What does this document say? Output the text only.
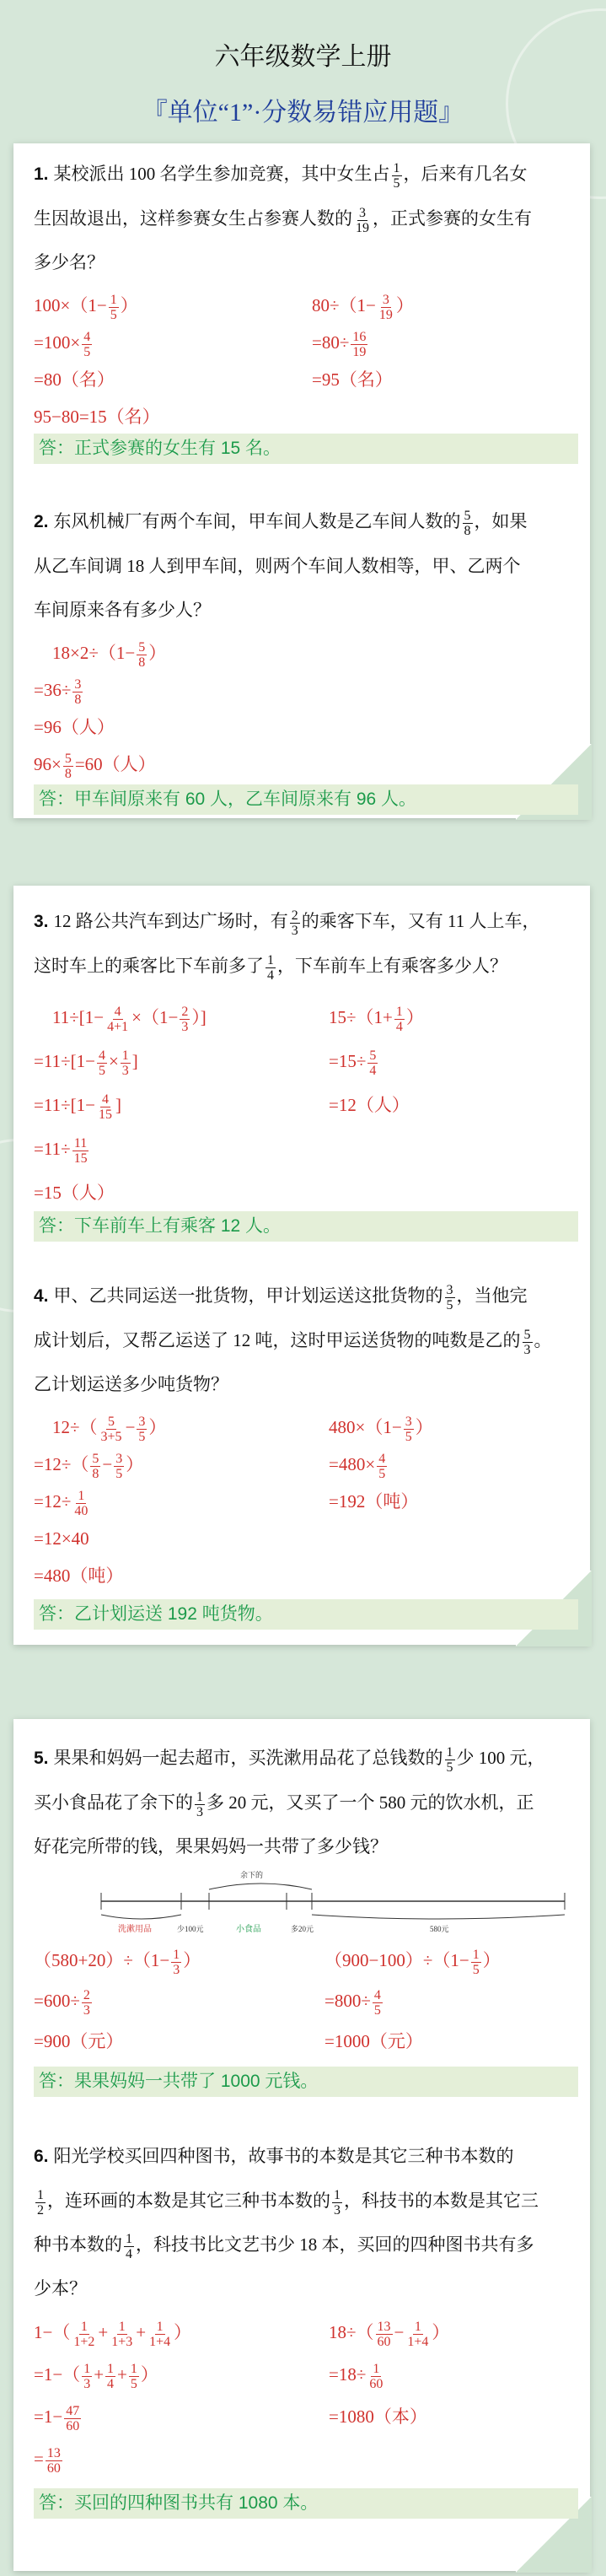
六年级数学上册
『单位“1”·分数易错应用题』
1. 某校派出 100 名学生参加竞赛，其中女生占 $\frac{1}{5}$ ，后来有几名女
生因故退出，这样参赛女生占参赛人数的 $\frac{3}{19}$ ，正式参赛的女生有
多少名？
$100\times(1- \frac{1}{5}$ ）
$=100\times \frac{4}{5}$
=80（名）
95−80=15（名）
$80\div(1- \frac{3}{19}$ ）
$=80\div \frac{16}{19}$
=95（名）
答：正式参赛的女生有 15 名。
2. 东风机械厂有两个车间，甲车间人数是乙车间人数的 $\frac{5}{8}$ ，如果
从乙车间调 18 人到甲车间，则两个车间人数相等，甲、乙两个
车间原来各有多少人？
$18\times 2\div(1- \frac{5}{8}$ ）
$=36\div \frac{3}{8}$
=96（人）
$96\times \frac{5}{8} =60$（人）
答：甲车间原来有 60 人，乙车间原来有 96 人。
3. 12 路公共汽车到达广场时，有 $\frac{2}{3}$ 的乘客下车，又有 11 人上车，
这时车上的乘客比下车前多了 $\frac{1}{4}$ ，下车前车上有乘客多少人？
$11\div[1- \frac{4}{4+1} \times(1- \frac{2}{3}$ ）]
$=11\div[1- \frac{4}{5} \times \frac{1}{3}$ ]
$=11\div[1- \frac{4}{15}$ ]
$=11\div \frac{11}{15}$
=15（人）
$15\div(1+ \frac{1}{4}$ ）
$=15\div \frac{5}{4}$
=12（人）
答：下车前车上有乘客 12 人。
4. 甲、乙共同运送一批货物，甲计划运送这批货物的 $\frac{3}{5}$ ，当他完
成计划后，又帮乙运送了 12 吨，这时甲运送货物的吨数是乙的 $\frac{5}{3}$ 。
乙计划运送多少吨货物？
$12\div( \frac{5}{3+5} - \frac{3}{5}$ ）
$=12\div( \frac{5}{8} - \frac{3}{5}$ ）
$=12\div \frac{1}{40}$
=12×40
=480（吨）
$480\times(1- \frac{3}{5}$ ）
$=480\times \frac{4}{5}$
=192（吨）
答：乙计划运送 192 吨货物。
5. 果果和妈妈一起去超市，买洗漱用品花了总钱数的 $\frac{1}{5}$ 少 100 元，
买小食品花了余下的 $\frac{1}{3}$ 多 20 元，又买了一个 580 元的饮水机，正
好花完所带的钱，果果妈妈一共带了多少钱？
洗漱用品	少100元	小食品	多20元	580元
余下的
$(580+20)\div(1- \frac{1}{3}$ ）
$=600\div \frac{2}{3}$
=900（元）
$(900-100)\div(1- \frac{1}{5}$ ）
$=800\div \frac{4}{5}$
=1000（元）
答：果果妈妈一共带了 1000 元钱。
6. 阳光学校买回四种图书，故事书的本数是其它三种书本数的

$\frac{1}{2}$ ，连环画的本数是其它三种书本数的 $\frac{1}{3}$ ，科技书的本数是其它三
种书本数的 $\frac{1}{4}$ ，科技书比文艺书少 18 本，买回的四种图书共有多
少本？
$1-( \frac{1}{1+2} + \frac{1}{1+3} + \frac{1}{1+4}$ ）
$=1-( \frac{1}{3} + \frac{1}{4} + \frac{1}{5}$ ）
$=1- \frac{47}{60}$
= $\frac{13}{60}$
$18\div( \frac{13}{60} - \frac{1}{1+4}$ ）
$=18\div \frac{1}{60}$
=1080（本）
答：买回的四种图书共有 1080 本。
